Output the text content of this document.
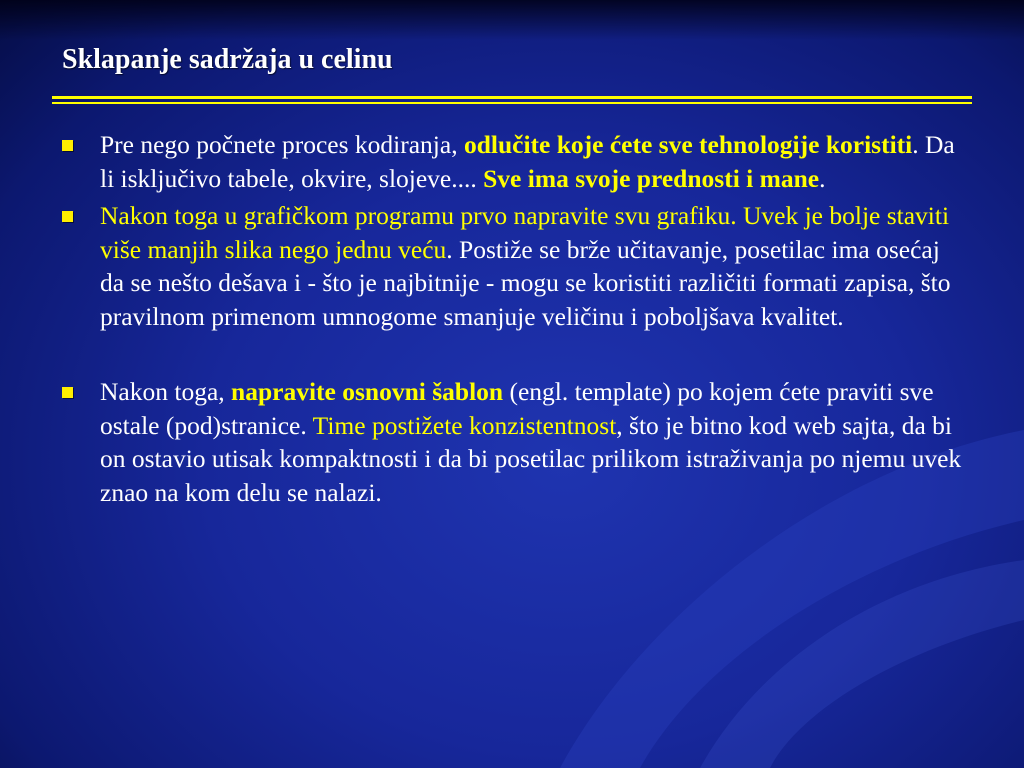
Sklapanje sadržaja u celinu
Pre nego počnete proces kodiranja, odlučite koje ćete sve tehnologije koristiti. Da li isključivo tabele, okvire, slojeve.... Sve ima svoje prednosti i mane.
Nakon toga u grafičkom programu prvo napravite svu grafiku. Uvek je bolje staviti više manjih slika nego jednu veću. Postiže se brže učitavanje, posetilac ima osećaj da se nešto dešava i - što je najbitnije - mogu se koristiti različiti formati zapisa, što pravilnom primenom umnogome smanjuje veličinu i poboljšava kvalitet.
Nakon toga, napravite osnovni šablon (engl. template) po kojem ćete praviti sve ostale (pod)stranice. Time postižete konzistentnost, što je bitno kod web sajta, da bi on ostavio utisak kompaktnosti i da bi posetilac prilikom istraživanja po njemu uvek znao na kom delu se nalazi.
